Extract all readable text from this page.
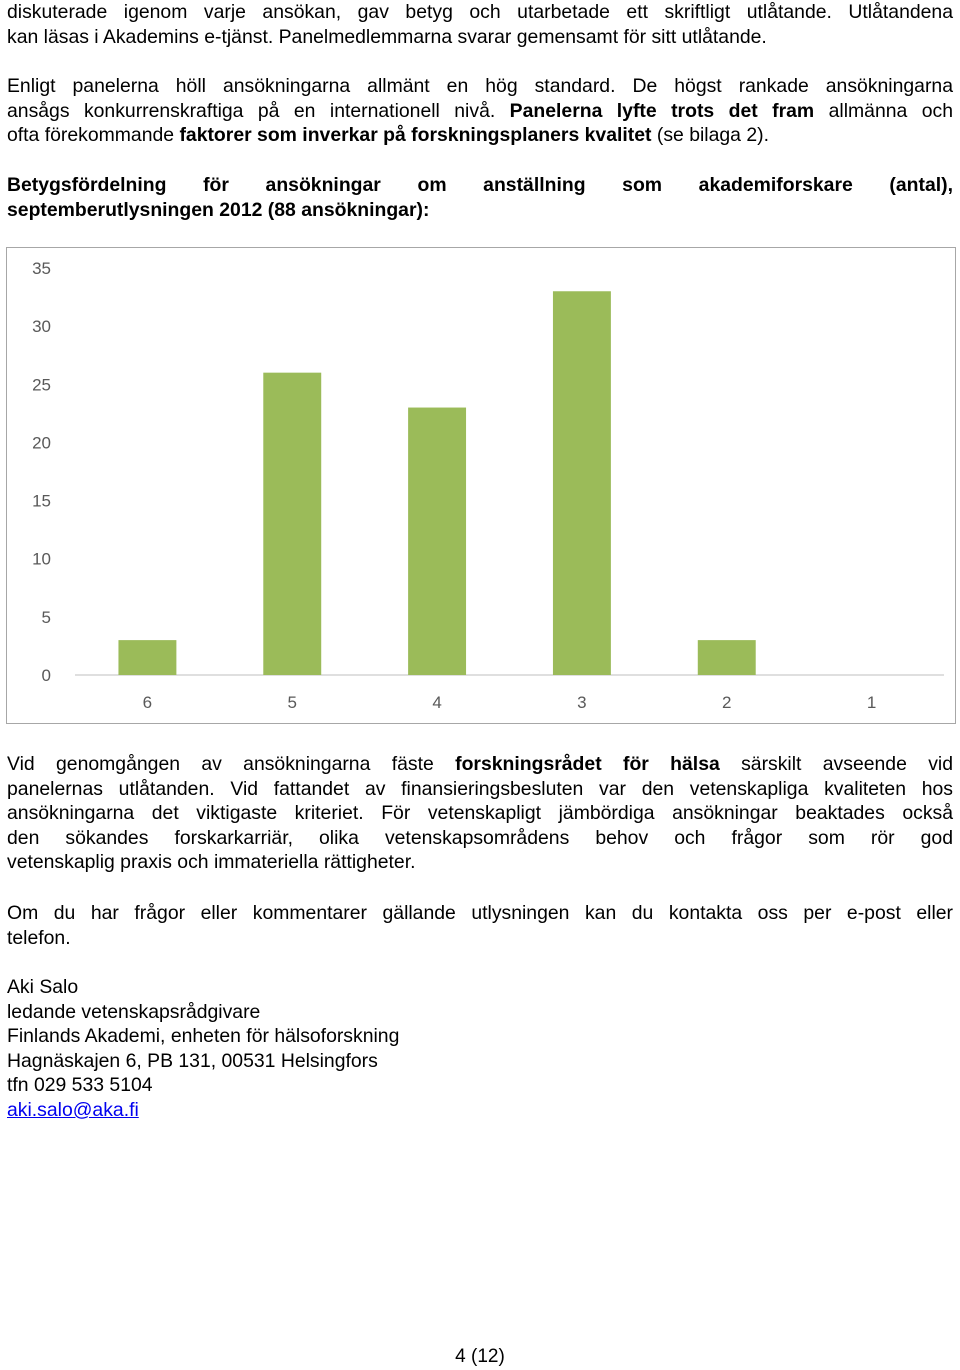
diskuterade igenom varje ansökan, gav betyg och utarbetade ett skriftligt utlåtande. Utlåtandena
kan läsas i Akademins e-tjänst. Panelmedlemmarna svarar gemensamt för sitt utlåtande.
Enligt panelerna höll ansökningarna allmänt en hög standard. De högst rankade ansökningarna
ansågs konkurrenskraftiga på en internationell nivå. Panelerna lyfte trots det fram allmänna och
ofta förekommande faktorer som inverkar på forskningsplaners kvalitet (se bilaga 2).
Betygsfördelning för ansökningar om anställning som akademiforskare (antal),
septemberutlysningen 2012 (88 ansökningar):
0
5
10
15
20
25
30
35
6	5	4	3	2	1
Vid genomgången av ansökningarna fäste forskningsrådet för hälsa särskilt avseende vid
panelernas utlåtanden. Vid fattandet av finansieringsbesluten var den vetenskapliga kvaliteten hos
ansökningarna det viktigaste kriteriet. För vetenskapligt jämbördiga ansökningar beaktades också
den sökandes forskarkarriär, olika vetenskapsområdens behov och frågor som rör god
vetenskaplig praxis och immateriella rättigheter.
Om du har frågor eller kommentarer gällande utlysningen kan du kontakta oss per e-post eller
telefon.
Aki Salo
ledande vetenskapsrådgivare
Finlands Akademi, enheten för hälsoforskning
Hagnäskajen 6, PB 131, 00531 Helsingfors
tfn 029 533 5104
aki.salo@aka.fi
4 (12)
